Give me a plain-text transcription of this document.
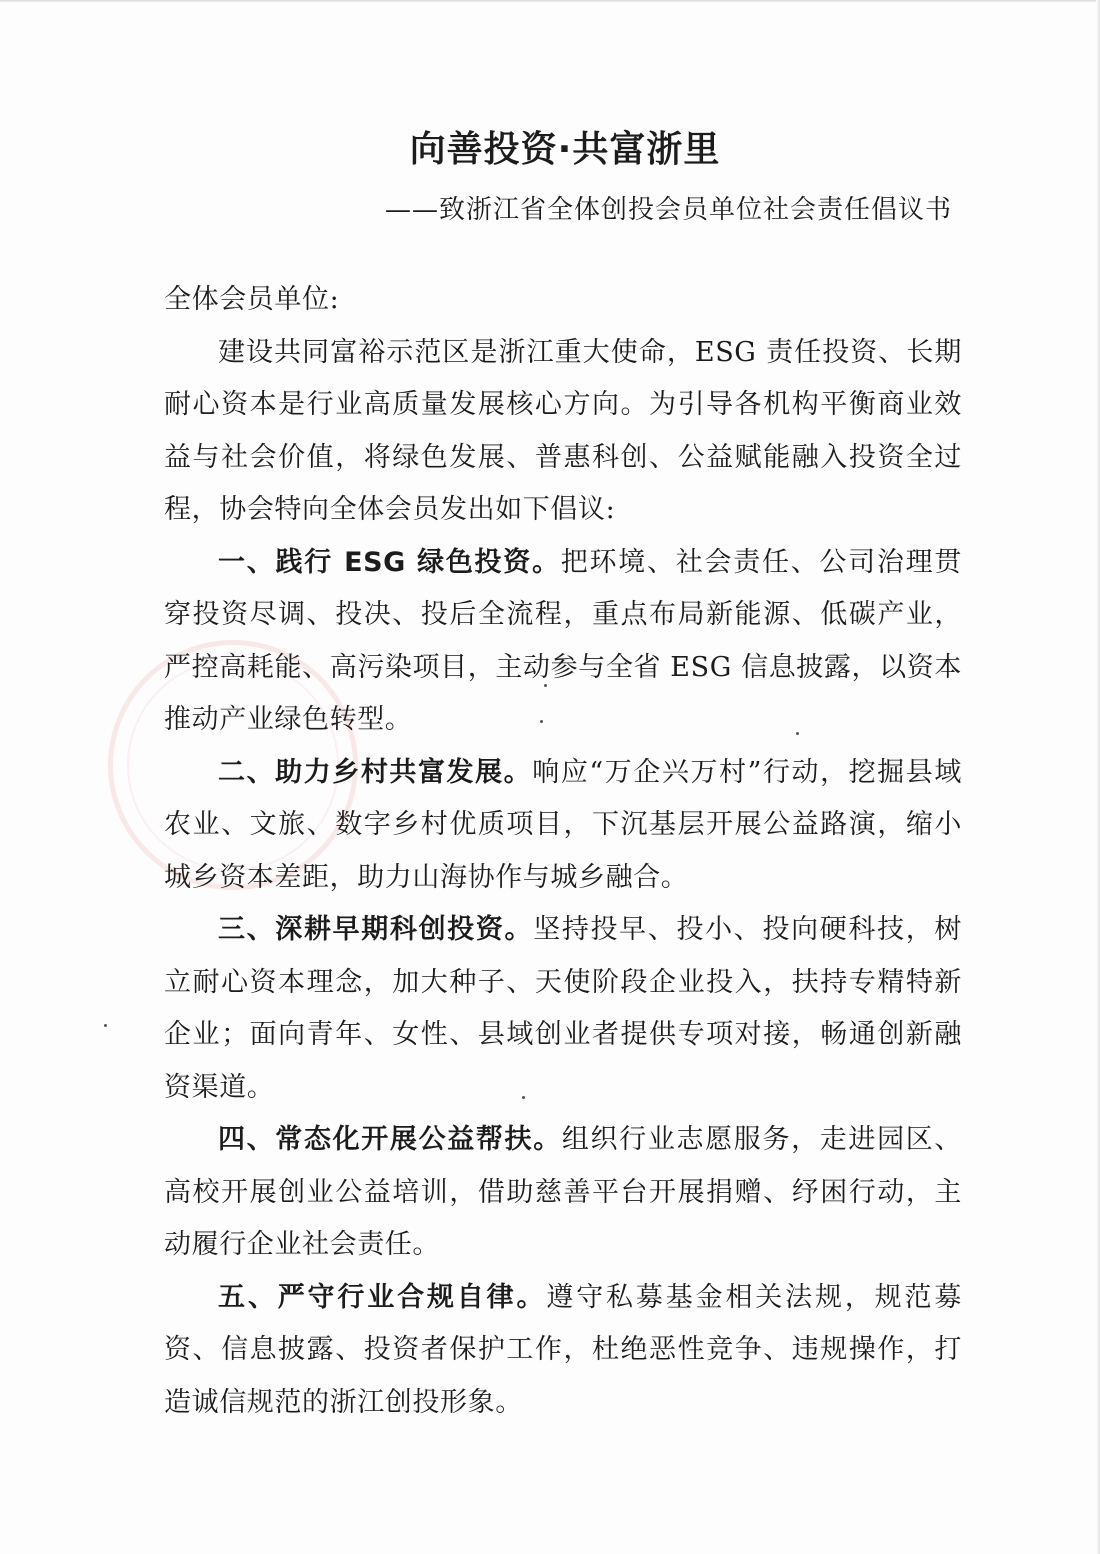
向善投资·共富浙里

——致浙江省全体创投会员单位社会责任倡议书

全体会员单位:

建设共同富裕示范区是浙江重大使命，ESG 责任投资、长期耐心资本是行业高质量发展核心方向。为引导各机构平衡商业效益与社会价值，将绿色发展、普惠科创、公益赋能融入投资全过程，协会特向全体会员发出如下倡议:

一、践行 ESG 绿色投资。把环境、社会责任、公司治理贯穿投资尽调、投决、投后全流程，重点布局新能源、低碳产业，严控高耗能、高污染项目，主动参与全省 ESG 信息披露，以资本推动产业绿色转型。

二、助力乡村共富发展。响应“万企兴万村”行动，挖掘县域农业、文旅、数字乡村优质项目，下沉基层开展公益路演，缩小城乡资本差距，助力山海协作与城乡融合。

三、深耕早期科创投资。坚持投早、投小、投向硬科技，树立耐心资本理念，加大种子、天使阶段企业投入，扶持专精特新企业；面向青年、女性、县域创业者提供专项对接，畅通创新融资渠道。

四、常态化开展公益帮扶。组织行业志愿服务，走进园区、高校开展创业公益培训，借助慈善平台开展捐赠、纾困行动，主动履行企业社会责任。

五、严守行业合规自律。遵守私募基金相关法规，规范募资、信息披露、投资者保护工作，杜绝恶性竞争、违规操作，打造诚信规范的浙江创投形象。
